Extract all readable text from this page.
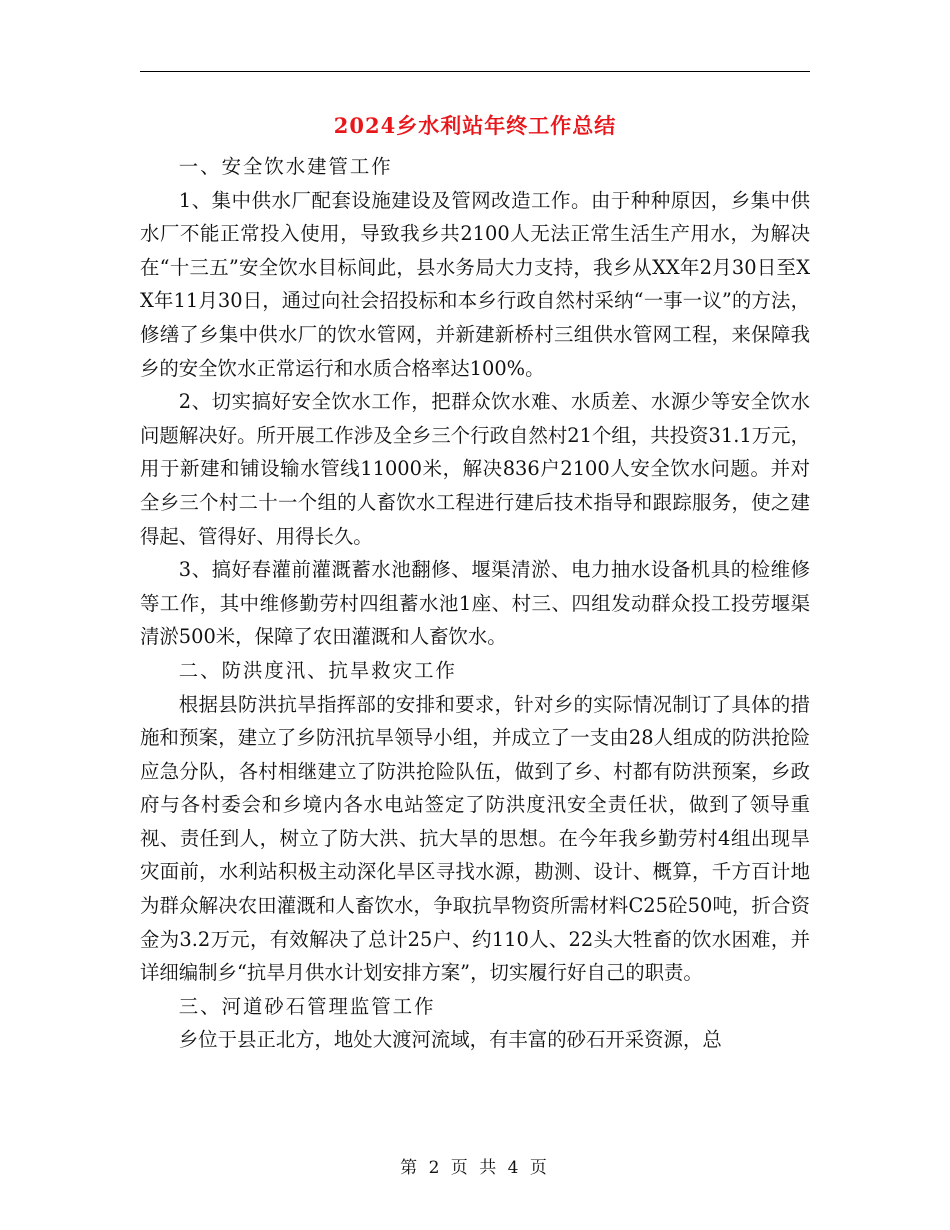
2024乡水利站年终工作总结

一、安全饮水建管工作

1、集中供水厂配套设施建设及管网改造工作。由于种种原因，乡集中供水厂不能正常投入使用，导致我乡共2100人无法正常生活生产用水，为解决在“十三五”安全饮水目标间此，县水务局大力支持，我乡从XX年2月30日至XX年11月30日，通过向社会招投标和本乡行政自然村采纳“一事一议”的方法，修缮了乡集中供水厂的饮水管网，并新建新桥村三组供水管网工程，来保障我乡的安全饮水正常运行和水质合格率达100%。

2、切实搞好安全饮水工作，把群众饮水难、水质差、水源少等安全饮水问题解决好。所开展工作涉及全乡三个行政自然村21个组，共投资31.1万元，用于新建和铺设输水管线11000米，解决836户2100人安全饮水问题。并对全乡三个村二十一个组的人畜饮水工程进行建后技术指导和跟踪服务，使之建得起、管得好、用得长久。

3、搞好春灌前灌溉蓄水池翻修、堰渠清淤、电力抽水设备机具的检维修等工作，其中维修勤劳村四组蓄水池1座、村三、四组发动群众投工投劳堰渠清淤500米，保障了农田灌溉和人畜饮水。

二、防洪度汛、抗旱救灾工作

根据县防洪抗旱指挥部的安排和要求，针对乡的实际情况制订了具体的措施和预案，建立了乡防汛抗旱领导小组，并成立了一支由28人组成的防洪抢险应急分队，各村相继建立了防洪抢险队伍，做到了乡、村都有防洪预案，乡政府与各村委会和乡境内各水电站签定了防洪度汛安全责任状，做到了领导重视、责任到人，树立了防大洪、抗大旱的思想。在今年我乡勤劳村4组出现旱灾面前，水利站积极主动深化旱区寻找水源，勘测、设计、概算，千方百计地为群众解决农田灌溉和人畜饮水，争取抗旱物资所需材料C25砼50吨，折合资金为3.2万元，有效解决了总计25户、约110人、22头大牲畜的饮水困难，并详细编制乡“抗旱月供水计划安排方案”，切实履行好自己的职责。

三、河道砂石管理监管工作

乡位于县正北方，地处大渡河流域，有丰富的砂石开采资源，总

第 2 页 共 4 页
